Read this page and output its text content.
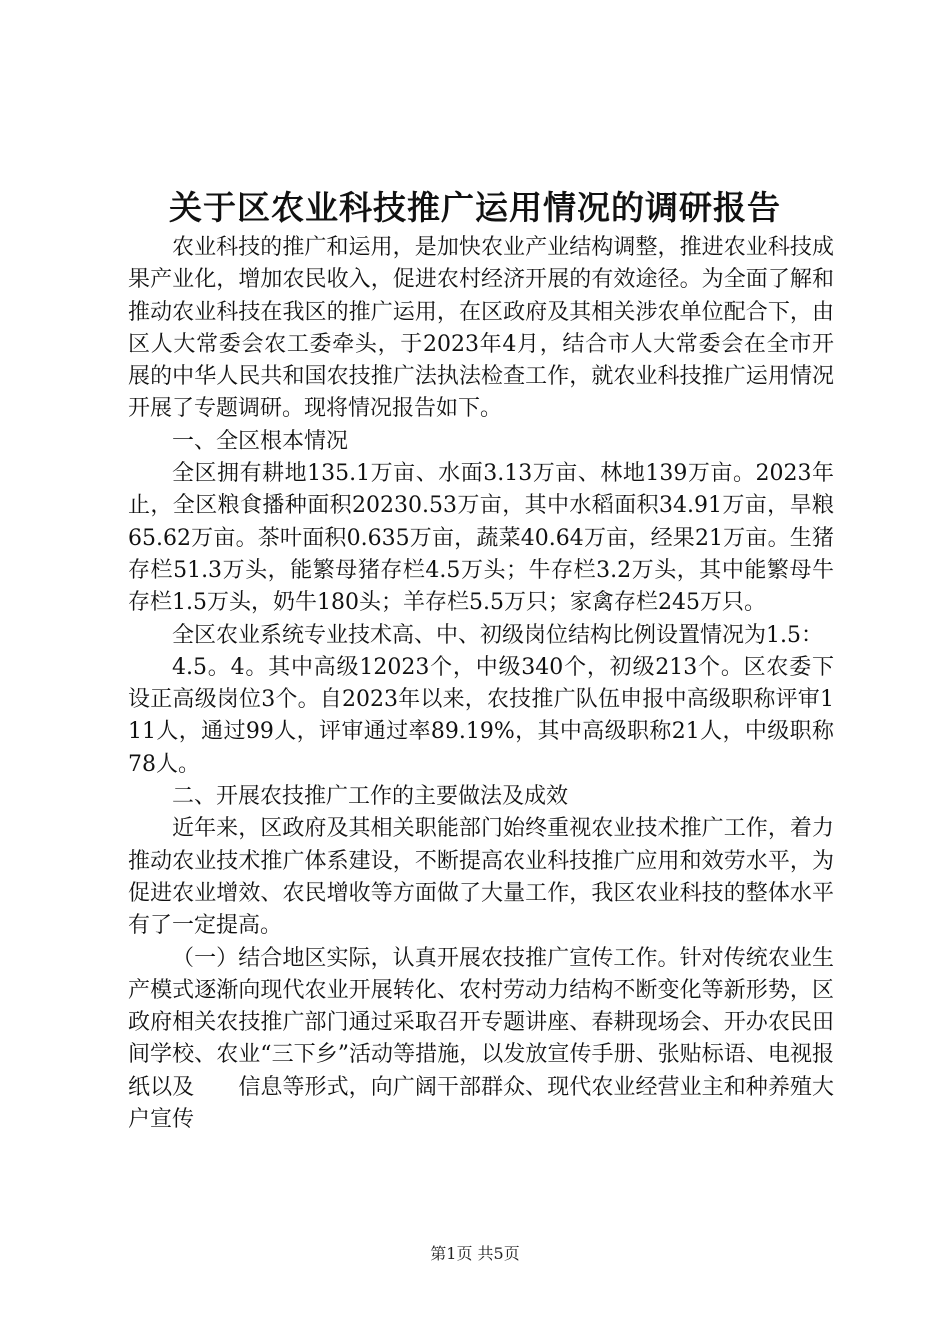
关于区农业科技推广运用情况的调研报告

农业科技的推广和运用，是加快农业产业结构调整，推进农业科技成果产业化，增加农民收入，促进农村经济开展的有效途径。为全面了解和推动农业科技在我区的推广运用，在区政府及其相关涉农单位配合下，由区人大常委会农工委牵头，于2023年4月，结合市人大常委会在全市开展的中华人民共和国农技推广法执法检查工作，就农业科技推广运用情况开展了专题调研。现将情况报告如下。

一、全区根本情况

全区拥有耕地135.1万亩、水面3.13万亩、林地139万亩。2023年止，全区粮食播种面积20230.53万亩，其中水稻面积34.91万亩，旱粮65.62万亩。茶叶面积0.635万亩，蔬菜40.64万亩，经果21万亩。生猪存栏51.3万头，能繁母猪存栏4.5万头；牛存栏3.2万头，其中能繁母牛存栏1.5万头，奶牛180头；羊存栏5.5万只；家禽存栏245万只。

全区农业系统专业技术高、中、初级岗位结构比例设置情况为1.5：

4.5。4。其中高级12023个，中级340个，初级213个。区农委下设正高级岗位3个。自2023年以来，农技推广队伍申报中高级职称评审111人，通过99人，评审通过率89.19%，其中高级职称21人，中级职称78人。

二、开展农技推广工作的主要做法及成效

近年来，区政府及其相关职能部门始终重视农业技术推广工作，着力推动农业技术推广体系建设，不断提高农业科技推广应用和效劳水平，为促进农业增效、农民增收等方面做了大量工作，我区农业科技的整体水平有了一定提高。

（一）结合地区实际，认真开展农技推广宣传工作。针对传统农业生产模式逐渐向现代农业开展转化、农村劳动力结构不断变化等新形势，区政府相关农技推广部门通过采取召开专题讲座、春耕现场会、开办农民田间学校、农业“三下乡”活动等措施，以发放宣传手册、张贴标语、电视报纸以及　　信息等形式，向广阔干部群众、现代农业经营业主和种养殖大户宣传

第1页 共5页
